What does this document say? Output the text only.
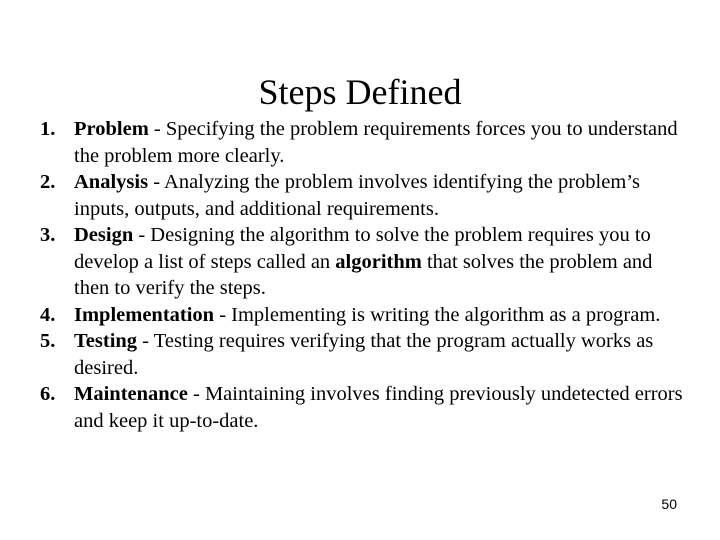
Steps Defined
1. Problem - Specifying the problem requirements forces you to understand the problem more clearly.
2. Analysis - Analyzing the problem involves identifying the problem’s inputs, outputs, and additional requirements.
3. Design - Designing the algorithm to solve the problem requires you to develop a list of steps called an algorithm that solves the problem and then to verify the steps.
4. Implementation - Implementing is writing the algorithm as a program.
5. Testing - Testing requires verifying that the program actually works as desired.
6. Maintenance - Maintaining involves finding previously undetected errors and keep it up-to-date.
50
